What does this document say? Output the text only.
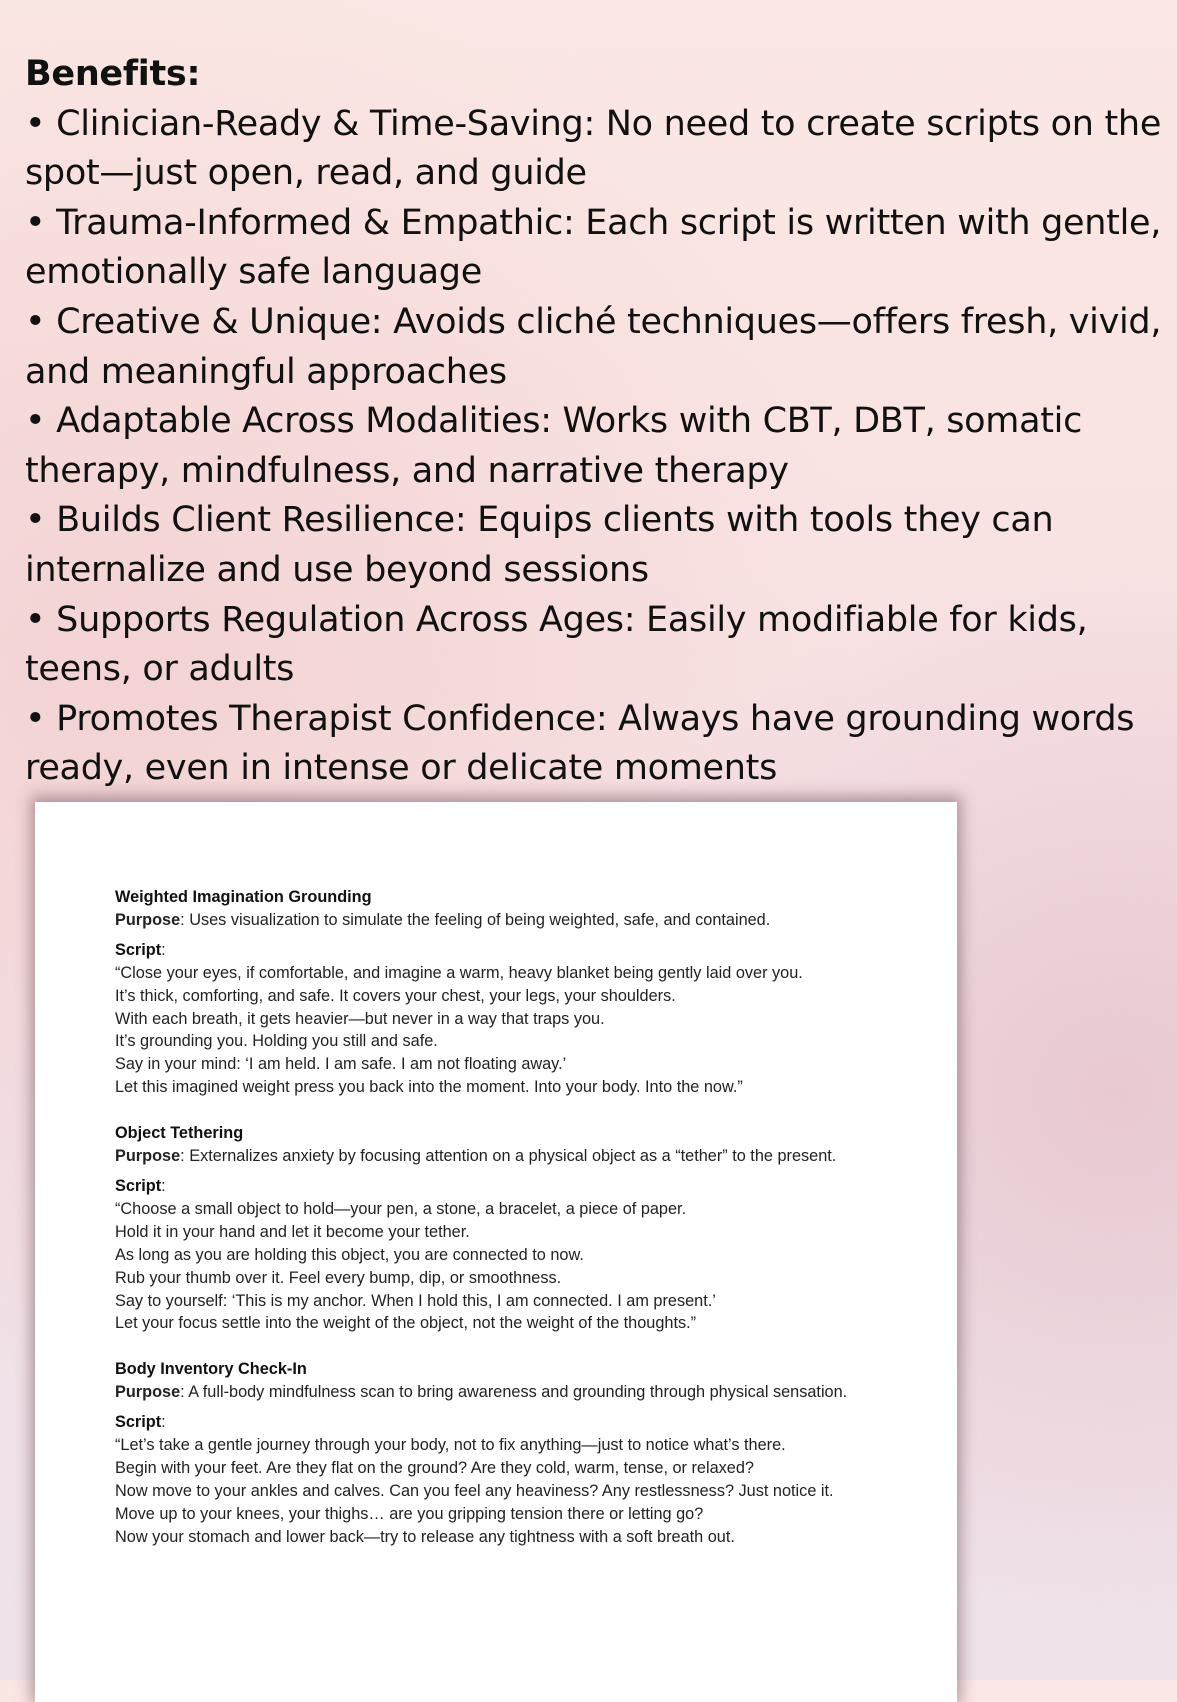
Benefits:

• Clinician-Ready & Time-Saving: No need to create scripts on the spot—just open, read, and guide

• Trauma-Informed & Empathic: Each script is written with gentle, emotionally safe language

• Creative & Unique: Avoids cliché techniques—offers fresh, vivid, and meaningful approaches

• Adaptable Across Modalities: Works with CBT, DBT, somatic therapy, mindfulness, and narrative therapy

• Builds Client Resilience: Equips clients with tools they can internalize and use beyond sessions

• Supports Regulation Across Ages: Easily modifiable for kids, teens, or adults

• Promotes Therapist Confidence: Always have grounding words ready, even in intense or delicate moments

Weighted Imagination Grounding
Purpose: Uses visualization to simulate the feeling of being weighted, safe, and contained.
Script:
“Close your eyes, if comfortable, and imagine a warm, heavy blanket being gently laid over you.
It’s thick, comforting, and safe. It covers your chest, your legs, your shoulders.
With each breath, it gets heavier—but never in a way that traps you.
It’s grounding you. Holding you still and safe.
Say in your mind: ‘I am held. I am safe. I am not floating away.’
Let this imagined weight press you back into the moment. Into your body. Into the now.”
Object Tethering
Purpose: Externalizes anxiety by focusing attention on a physical object as a “tether” to the present.
Script:
“Choose a small object to hold—your pen, a stone, a bracelet, a piece of paper.
Hold it in your hand and let it become your tether.
As long as you are holding this object, you are connected to now.
Rub your thumb over it. Feel every bump, dip, or smoothness.
Say to yourself: ‘This is my anchor. When I hold this, I am connected. I am present.’
Let your focus settle into the weight of the object, not the weight of the thoughts.”
Body Inventory Check-In
Purpose: A full-body mindfulness scan to bring awareness and grounding through physical sensation.
Script:
“Let’s take a gentle journey through your body, not to fix anything—just to notice what’s there.
Begin with your feet. Are they flat on the ground? Are they cold, warm, tense, or relaxed?
Now move to your ankles and calves. Can you feel any heaviness? Any restlessness? Just notice it.
Move up to your knees, your thighs… are you gripping tension there or letting go?
Now your stomach and lower back—try to release any tightness with a soft breath out.
